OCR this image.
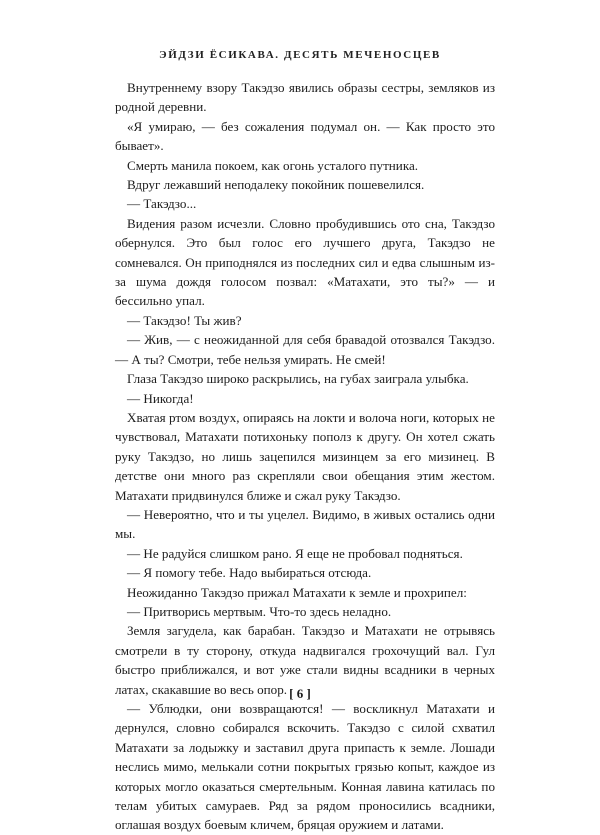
ЭЙДЗИ ЁСИКАВА. ДЕСЯТЬ МЕЧЕНОСЦЕВ

Внутреннему взору Такэдзо явились образы сестры, земляков из родной деревни.

«Я умираю, — без сожаления подумал он. — Как просто это бывает».

Смерть манила покоем, как огонь усталого путника.

Вдруг лежавший неподалеку покойник пошевелился.

— Такэдзо...

Видения разом исчезли. Словно пробудившись ото сна, Такэдзо обернулся. Это был голос его лучшего друга, Такэдзо не сомневался. Он приподнялся из последних сил и едва слышным из-за шума дождя голосом позвал: «Матахати, это ты?» — и бессильно упал.

— Такэдзо! Ты жив?

— Жив, — с неожиданной для себя бравадой отозвался Такэдзо. — А ты? Смотри, тебе нельзя умирать. Не смей!

Глаза Такэдзо широко раскрылись, на губах заиграла улыбка.

— Никогда!

Хватая ртом воздух, опираясь на локти и волоча ноги, которых не чувствовал, Матахати потихоньку пополз к другу. Он хотел сжать руку Такэдзо, но лишь зацепился мизинцем за его мизинец. В детстве они много раз скрепляли свои обещания этим жестом. Матахати придвинулся ближе и сжал руку Такэдзо.

— Невероятно, что и ты уцелел. Видимо, в живых остались одни мы.

— Не радуйся слишком рано. Я еще не пробовал подняться.

— Я помогу тебе. Надо выбираться отсюда.

Неожиданно Такэдзо прижал Матахати к земле и прохрипел:

— Притворись мертвым. Что-то здесь неладно.

Земля загудела, как барабан. Такэдзо и Матахати не отрывясь смотрели в ту сторону, откуда надвигался грохочущий вал. Гул быстро приближался, и вот уже стали видны всадники в черных латах, скакавшие во весь опор.

— Ублюдки, они возвращаются! — воскликнул Матахати и дернулся, словно собирался вскочить. Такэдзо с силой схватил Матахати за лодыжку и заставил друга припасть к земле. Лошади неслись мимо, мелькали сотни покрытых грязью копыт, каждое из которых могло оказаться смертельным. Конная лавина катилась по телам убитых самураев. Ряд за рядом проносились всадники, оглашая воздух боевым кличем, бряцая оружием и латами.

[ 6 ]
